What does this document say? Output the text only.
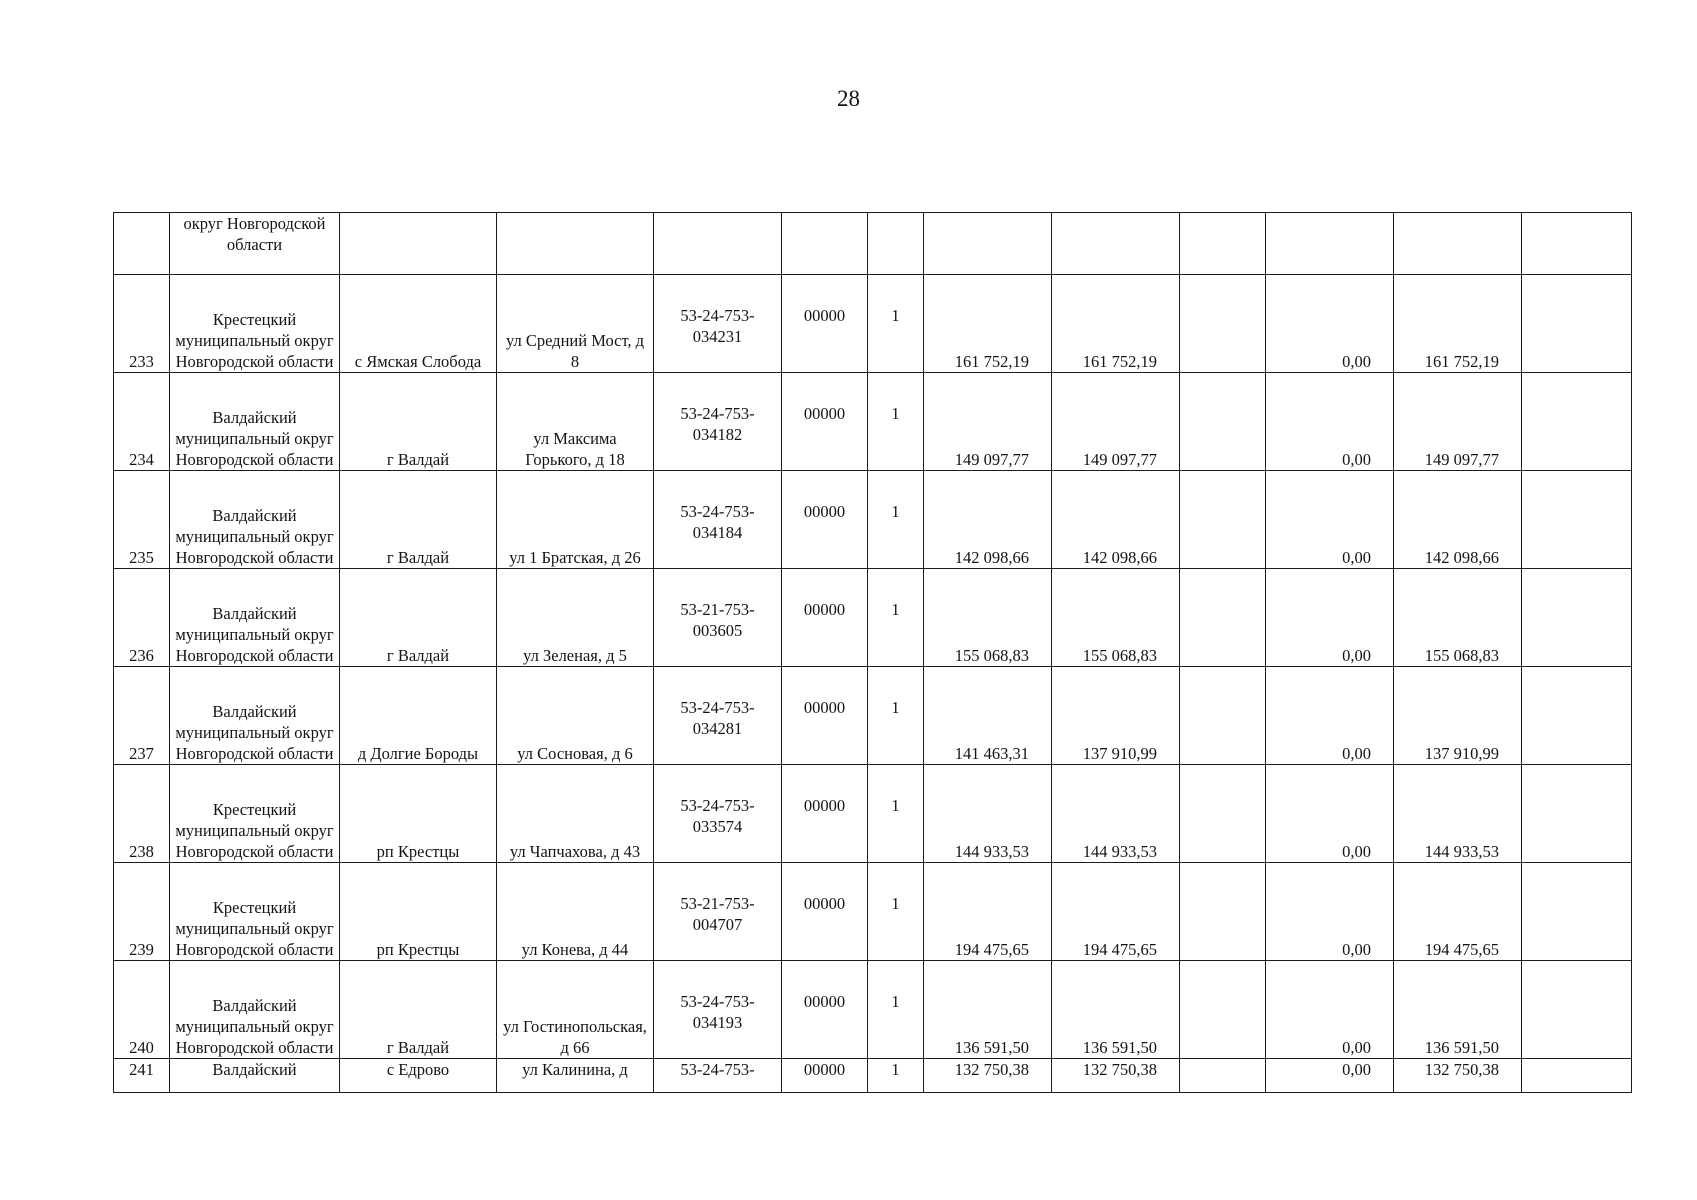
28
	округ Новгородской области											
233	Крестецкий муниципальный округ Новгородской области	с Ямская Слобода	ул Средний Мост, д 8	53-24-753-034231	00000	1	161 752,19	161 752,19		0,00	161 752,19	
234	Валдайский муниципальный округ Новгородской области	г Валдай	ул Максима Горького, д 18	53-24-753-034182	00000	1	149 097,77	149 097,77		0,00	149 097,77	
235	Валдайский муниципальный округ Новгородской области	г Валдай	ул 1 Братская, д 26	53-24-753-034184	00000	1	142 098,66	142 098,66		0,00	142 098,66	
236	Валдайский муниципальный округ Новгородской области	г Валдай	ул Зеленая, д 5	53-21-753-003605	00000	1	155 068,83	155 068,83		0,00	155 068,83	
237	Валдайский муниципальный округ Новгородской области	д Долгие Бороды	ул Сосновая, д 6	53-24-753-034281	00000	1	141 463,31	137 910,99		0,00	137 910,99	
238	Крестецкий муниципальный округ Новгородской области	рп Крестцы	ул Чапчахова, д 43	53-24-753-033574	00000	1	144 933,53	144 933,53		0,00	144 933,53	
239	Крестецкий муниципальный округ Новгородской области	рп Крестцы	ул Конева, д 44	53-21-753-004707	00000	1	194 475,65	194 475,65		0,00	194 475,65	
240	Валдайский муниципальный округ Новгородской области	г Валдай	ул Гостинопольская, д 66	53-24-753-034193	00000	1	136 591,50	136 591,50		0,00	136 591,50	
241	Валдайский	с Едрово	ул Калинина, д	53-24-753-	00000	1	132 750,38	132 750,38		0,00	132 750,38	
